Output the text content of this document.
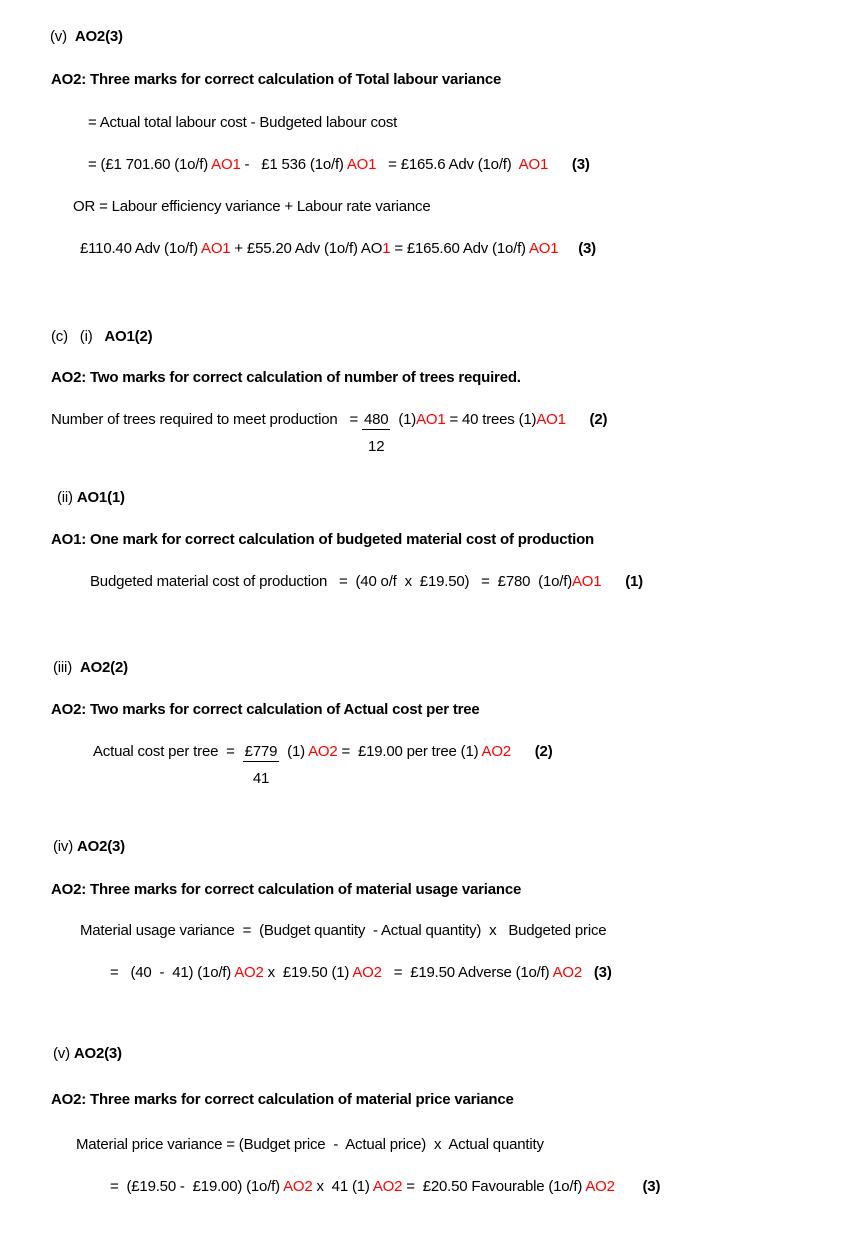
(v)  AO2(3)
AO2: Three marks for correct calculation of Total labour variance
= Actual total labour cost - Budgeted labour cost
= (£1 701.60 (1o/f) AO1 -   £1 536 (1o/f) AO1   = £165.6 Adv (1o/f)  AO1 (3)
OR = Labour efficiency variance + Labour rate variance
£110.40 Adv (1o/f) AO1 + £55.20 Adv (1o/f) AO1 = £165.60 Adv (1o/f) AO1 (3)
(c)   (i)   AO1(2)
AO2: Two marks for correct calculation of number of trees required.
Number of trees required to meet production   = $\frac{480}{12} (1)AO1 = 40$ trees (1)AO1 (2)
(ii) AO1(1)
AO1: One mark for correct calculation of budgeted material cost of production
Budgeted material cost of production   =  (40 o/f  x  £19.50)   =  £780  (1o/f)AO1 (1)
(iii)  AO2(2)
AO2: Two marks for correct calculation of Actual cost per tree
Actual cost per tree  =  $\frac{£779}{41} (1) AO2$ =  £19.00 per tree (1) AO2 (2)
(iv) AO2(3)
AO2: Three marks for correct calculation of material usage variance
Material usage variance  =  (Budget quantity  - Actual quantity)  x   Budgeted price
=   (40  -  41) (1o/f) AO2 x  £19.50 (1) AO2   =  £19.50 Adverse (1o/f) AO2 (3)
(v) AO2(3)
AO2: Three marks for correct calculation of material price variance
Material price variance = (Budget price  -  Actual price)  x  Actual quantity
=  (£19.50 -  £19.00) (1o/f) AO2 x  41 (1) AO2 =  £20.50 Favourable (1o/f) AO2 (3)
